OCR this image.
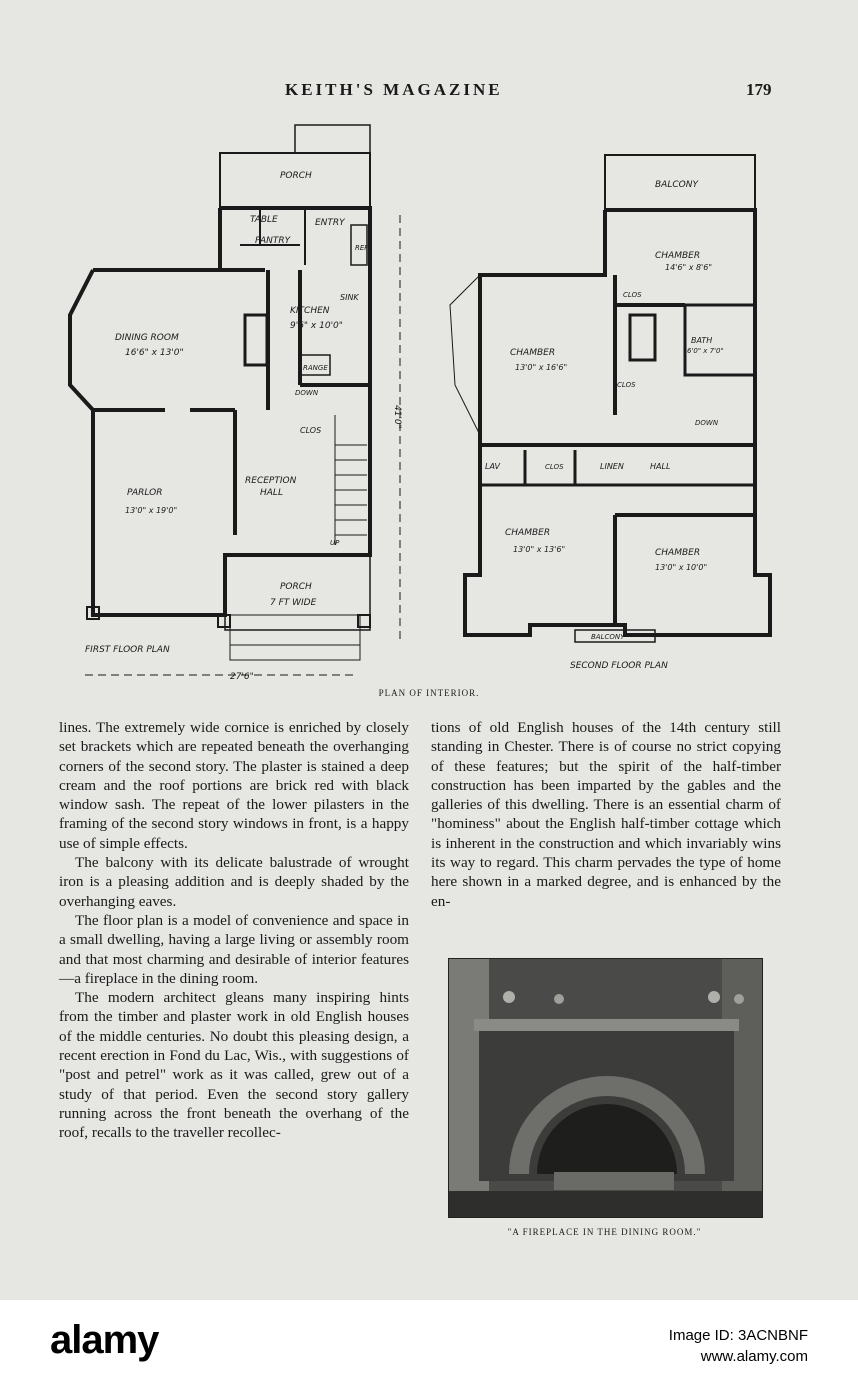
KEITH'S MAGAZINE	179
PORCH
TABLE	ENTRY
PANTRY
REF
SINK
KITCHEN
9'6" x 10'0"
RANGE
DOWN
DINING ROOM
16'6" x 13'0"
CLOS
RECEPTION
HALL
PARLOR
13'0" x 19'0"
UP
PORCH
7 FT WIDE
FIRST FLOOR PLAN
27'6"
41'0"
BALCONY
CHAMBER
14'6" x 8'6"
CLOS
BATH
6'0" x 7'0"
CHAMBER
13'0" x 16'6"
CLOS
DOWN
LAV	CLOS	LINEN	HALL
CHAMBER
13'0" x 13'6"	CHAMBER
13'0" x 10'0"
BALCONY
SECOND FLOOR PLAN
PLAN OF INTERIOR.

lines. The extremely wide cornice is enriched by closely set brackets which are repeated beneath the overhanging corners of the second story. The plaster is stained a deep cream and the roof portions are brick red with black window sash. The repeat of the lower pilasters in the framing of the second story windows in front, is a happy use of simple effects.

The balcony with its delicate balustrade of wrought iron is a pleasing addition and is deeply shaded by the overhanging eaves.

The floor plan is a model of convenience and space in a small dwelling, having a large living or assembly room and that most charming and desirable of interior features —a fireplace in the dining room.

The modern architect gleans many inspiring hints from the timber and plaster work in old English houses of the middle centuries. No doubt this pleasing design, a recent erection in Fond du Lac, Wis., with suggestions of "post and petrel" work as it was called, grew out of a study of that period. Even the second story gallery running across the front beneath the overhang of the roof, recalls to the traveller recollec-

tions of old English houses of the 14th century still standing in Chester. There is of course no strict copying of these features; but the spirit of the half-timber construction has been imparted by the gables and the galleries of this dwelling. There is an essential charm of "hominess" about the English half-timber cottage which is inherent in the construction and which invariably wins its way to regard. This charm pervades the type of home here shown in a marked degree, and is enhanced by the en-

"A FIREPLACE IN THE DINING ROOM."
alamy	Image ID: 3ACNBNF
www.alamy.com
